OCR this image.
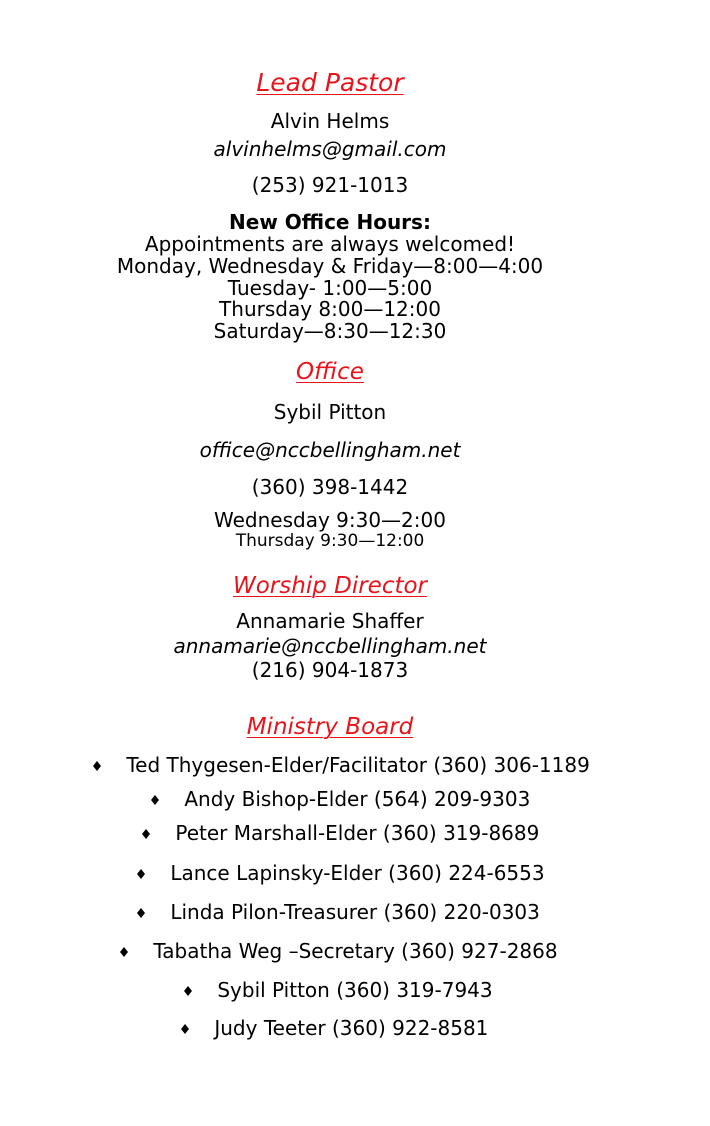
Lead Pastor
Alvin Helms
alvinhelms@gmail.com
(253) 921-1013
New Office Hours:
Appointments are always welcomed!
Monday, Wednesday & Friday—8:00—4:00
Tuesday- 1:00—5:00
Thursday 8:00—12:00
Saturday—8:30—12:30
Office
Sybil Pitton
office@nccbellingham.net
(360) 398-1442
Wednesday 9:30—2:00
Thursday 9:30—12:00
Worship Director
Annamarie Shaffer
annamarie@nccbellingham.net
(216) 904-1873
Ministry Board
Ted Thygesen-Elder/Facilitator (360) 306-1189
Andy Bishop-Elder (564) 209-9303
Peter Marshall-Elder (360) 319-8689
Lance Lapinsky-Elder (360) 224-6553
Linda Pilon-Treasurer (360) 220-0303
Tabatha Weg –Secretary (360) 927-2868
Sybil Pitton (360) 319-7943
Judy Teeter (360) 922-8581
